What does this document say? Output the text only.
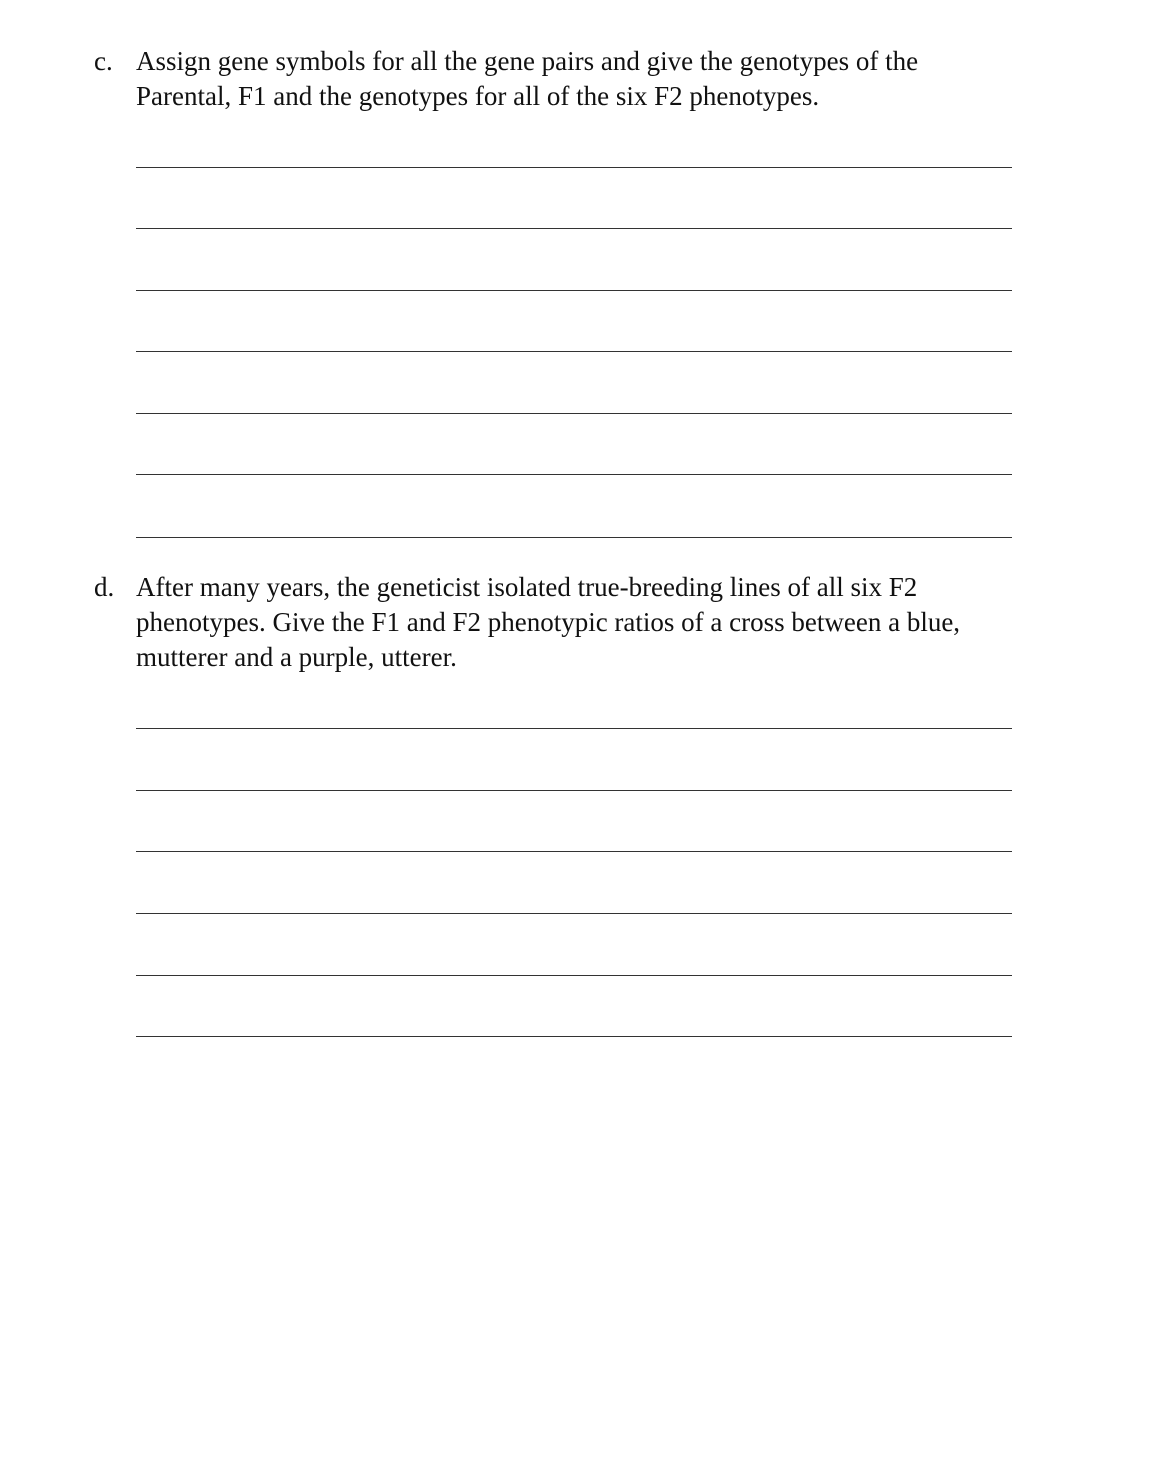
c. Assign gene symbols for all the gene pairs and give the genotypes of the Parental, F1 and the genotypes for all of the six F2 phenotypes.
d. After many years, the geneticist isolated true-breeding lines of all six F2 phenotypes. Give the F1 and F2 phenotypic ratios of a cross between a blue, mutterer and a purple, utterer.
